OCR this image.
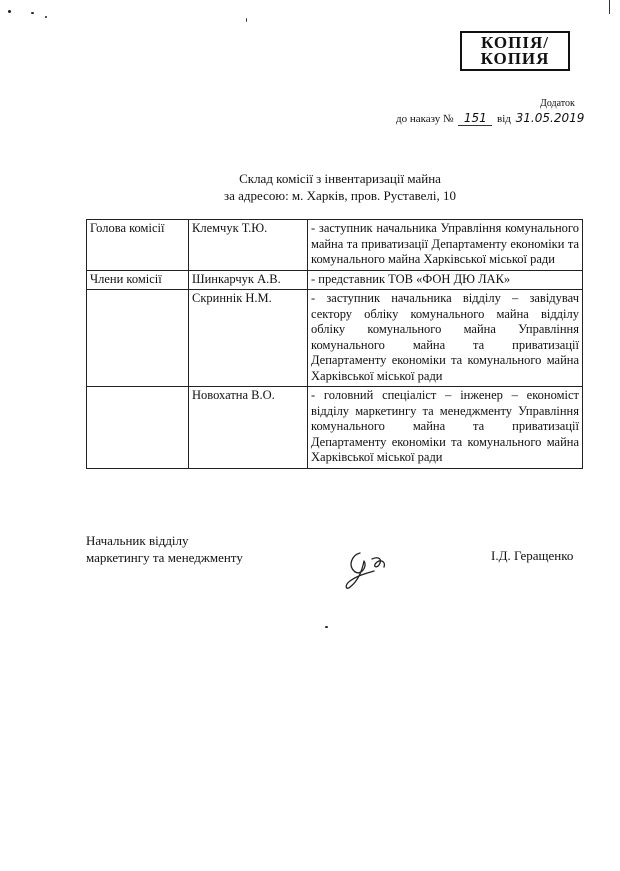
КОПІЯ/
КОПИЯ
Додаток
до наказу № 151 від 31.05.2019
Склад комісії з інвентаризації майна
за адресою: м. Харків, пров. Руставелі, 10
Голова комісії	Клемчук Т.Ю.	- заступник начальника Управління комунального майна та приватизації Департаменту економіки та комунального майна Харківської міської ради
Члени комісії	Шинкарчук А.В.	- представник ТОВ «ФОН ДЮ ЛАК»
	Скриннік Н.М.	- заступник начальника відділу – завідувач сектору обліку комунального майна відділу обліку комунального майна Управління комунального майна та приватизації Департаменту економіки та комунального майна Харківської міської ради
	Новохатна В.О.	- головний спеціаліст – інженер – економіст відділу маркетингу та менеджменту Управління комунального майна та приватизації Департаменту економіки та комунального майна Харківської міської ради
Начальник відділу
маркетингу та менеджменту	І.Д. Геращенко
